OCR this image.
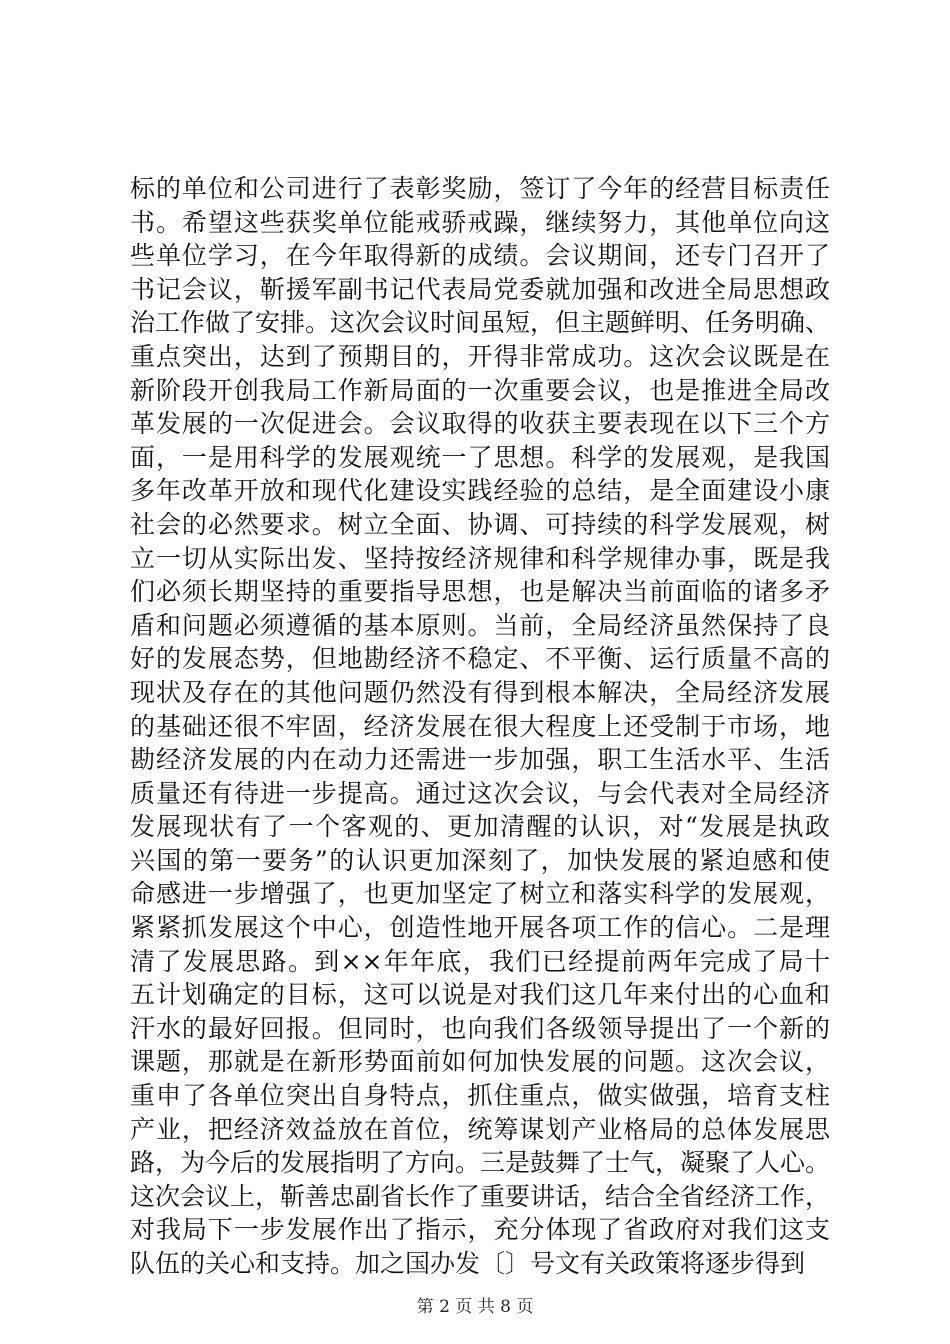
标的单位和公司进行了表彰奖励，签订了今年的经营目标责任
书。希望这些获奖单位能戒骄戒躁，继续努力，其他单位向这
些单位学习，在今年取得新的成绩。会议期间，还专门召开了
书记会议，靳援军副书记代表局党委就加强和改进全局思想政
治工作做了安排。这次会议时间虽短，但主题鲜明、任务明确、
重点突出，达到了预期目的，开得非常成功。这次会议既是在
新阶段开创我局工作新局面的一次重要会议，也是推进全局改
革发展的一次促进会。会议取得的收获主要表现在以下三个方
面，一是用科学的发展观统一了思想。科学的发展观，是我国
多年改革开放和现代化建设实践经验的总结，是全面建设小康
社会的必然要求。树立全面、协调、可持续的科学发展观，树
立一切从实际出发、坚持按经济规律和科学规律办事，既是我
们必须长期坚持的重要指导思想，也是解决当前面临的诸多矛
盾和问题必须遵循的基本原则。当前，全局经济虽然保持了良
好的发展态势，但地勘经济不稳定、不平衡、运行质量不高的
现状及存在的其他问题仍然没有得到根本解决，全局经济发展
的基础还很不牢固，经济发展在很大程度上还受制于市场，地
勘经济发展的内在动力还需进一步加强，职工生活水平、生活
质量还有待进一步提高。通过这次会议，与会代表对全局经济
发展现状有了一个客观的、更加清醒的认识，对“发展是执政
兴国的第一要务”的认识更加深刻了，加快发展的紧迫感和使
命感进一步增强了，也更加坚定了树立和落实科学的发展观，
紧紧抓发展这个中心，创造性地开展各项工作的信心。二是理
清了发展思路。到××年年底，我们已经提前两年完成了局十
五计划确定的目标，这可以说是对我们这几年来付出的心血和
汗水的最好回报。但同时，也向我们各级领导提出了一个新的
课题，那就是在新形势面前如何加快发展的问题。这次会议，
重申了各单位突出自身特点，抓住重点，做实做强，培育支柱
产业，把经济效益放在首位，统筹谋划产业格局的总体发展思
路，为今后的发展指明了方向。三是鼓舞了士气，凝聚了人心。
这次会议上，靳善忠副省长作了重要讲话，结合全省经济工作，
对我局下一步发展作出了指示，充分体现了省政府对我们这支
队伍的关心和支持。加之国办发〔〕号文有关政策将逐步得到
第 2 页 共 8 页
